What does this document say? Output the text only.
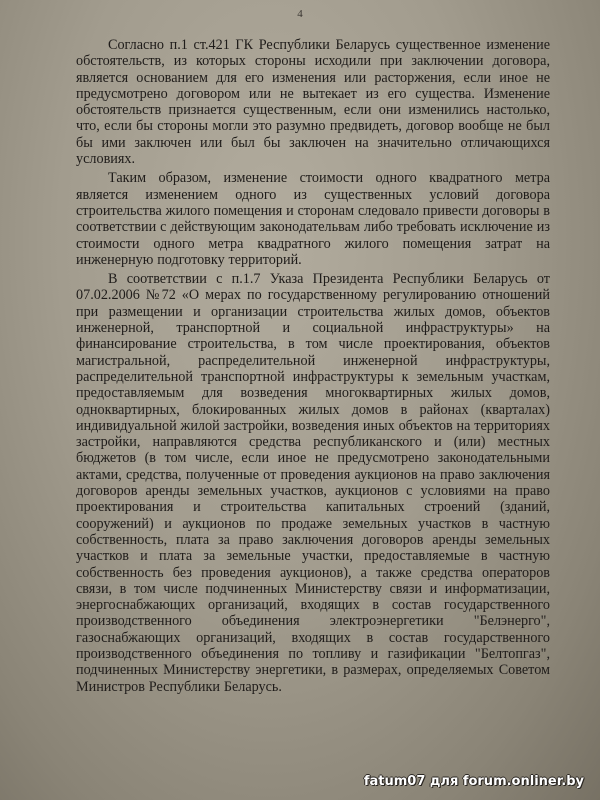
4

Согласно п.1 ст.421 ГК Республики Беларусь существенное изменение обстоятельств, из которых стороны исходили при заключении договора, является основанием для его изменения или расторжения, если иное не предусмотрено договором или не вытекает из его существа. Изменение обстоятельств признается существенным, если они изменились настолько, что, если бы стороны могли это разумно предвидеть, договор вообще не был бы ими заключен или был бы заключен на значительно отличающихся условиях.

Таким образом, изменение стоимости одного квадратного метра является изменением одного из существенных условий договора строительства жилого помещения и сторонам следовало привести договоры в соответствии с действующим законодательвам либо требовать исключение из стоимости одного метра квадратного жилого помещения затрат на инженерную подготовку территорий.

В соответствии с п.1.7 Указа Президента Республики Беларусь от 07.02.2006 №72 «О мерах по государственному регулированию отношений при размещении и организации строительства жилых домов, объектов инженерной, транспортной и социальной инфраструктуры» на финансирование строительства, в том числе проектирования, объектов магистральной, распределительной инженерной инфраструктуры, распределительной транспортной инфраструктуры к земельным участкам, предоставляемым для возведения многоквартирных жилых домов, одноквартирных, блокированных жилых домов в районах (кварталах) индивидуальной жилой застройки, возведения иных объектов на территориях застройки, направляются средства республиканского и (или) местных бюджетов (в том числе, если иное не предусмотрено законодательными актами, средства, полученные от проведения аукционов на право заключения договоров аренды земельных участков, аукционов с условиями на право проектирования и строительства капитальных строений (зданий, сооружений) и аукционов по продаже земельных участков в частную собственность, плата за право заключения договоров аренды земельных участков и плата за земельные участки, предоставляемые в частную собственность без проведения аукционов), а также средства операторов связи, в том числе подчиненных Министерству связи и информатизации, энергоснабжающих организаций, входящих в состав государственного производственного объединения электроэнергетики "Белэнерго", газоснабжающих организаций, входящих в состав государственного производственного объединения по топливу и газификации "Белтопгаз", подчиненных Министерству энергетики, в размерах, определяемых Советом Министров Республики Беларусь.

fatum07 для forum.onliner.by
